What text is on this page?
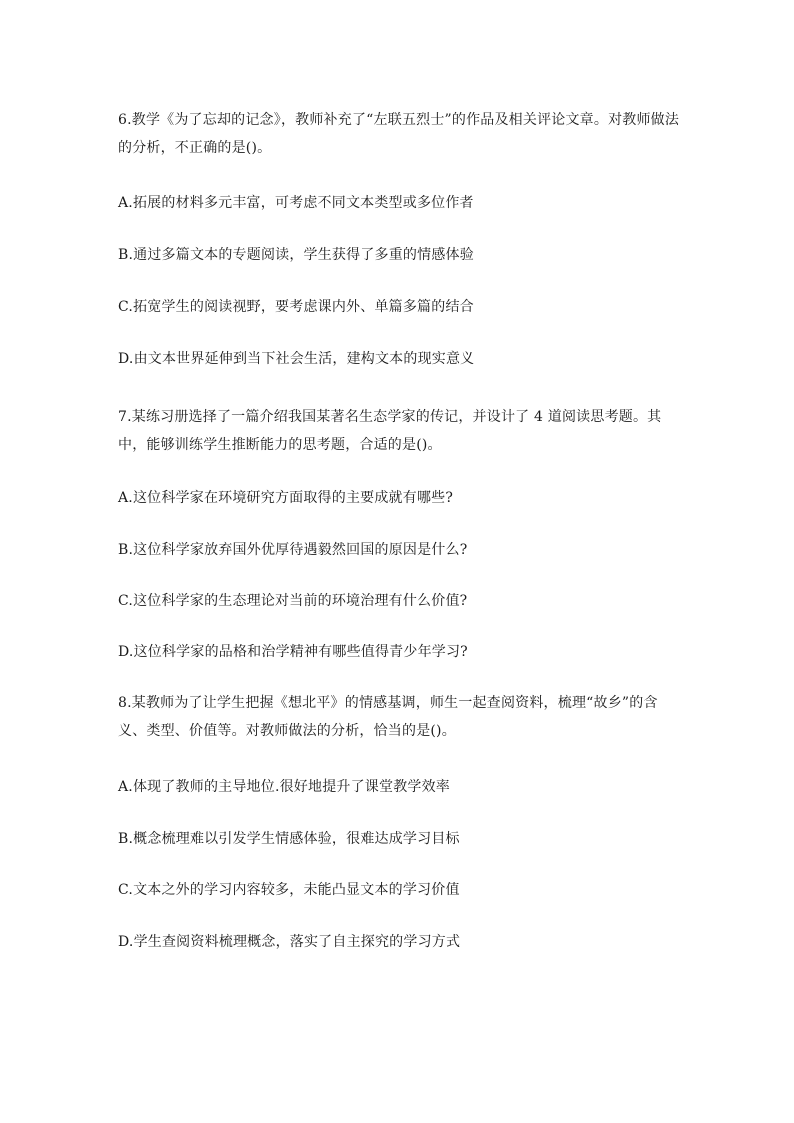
6.教学《为了忘却的记念》，教师补充了“左联五烈士”的作品及相关评论文章。对教师做法的分析，不正确的是()。

A.拓展的材料多元丰富，可考虑不同文本类型或多位作者

B.通过多篇文本的专题阅读，学生获得了多重的情感体验

C.拓宽学生的阅读视野，要考虑课内外、单篇多篇的结合

D.由文本世界延伸到当下社会生活，建构文本的现实意义

7.某练习册选择了一篇介绍我国某著名生态学家的传记，并设计了 4 道阅读思考题。其中，能够训练学生推断能力的思考题，合适的是()。

A.这位科学家在环境研究方面取得的主要成就有哪些?

B.这位科学家放弃国外优厚待遇毅然回国的原因是什么?

C.这位科学家的生态理论对当前的环境治理有什么价值?

D.这位科学家的品格和治学精神有哪些值得青少年学习?

8.某教师为了让学生把握《想北平》的情感基调，师生一起查阅资料，梳理“故乡”的含义、类型、价值等。对教师做法的分析，恰当的是()。

A.体现了教师的主导地位.很好地提升了课堂教学效率

B.概念梳理难以引发学生情感体验，很难达成学习目标

C.文本之外的学习内容较多，未能凸显文本的学习价值

D.学生查阅资料梳理概念，落实了自主探究的学习方式
